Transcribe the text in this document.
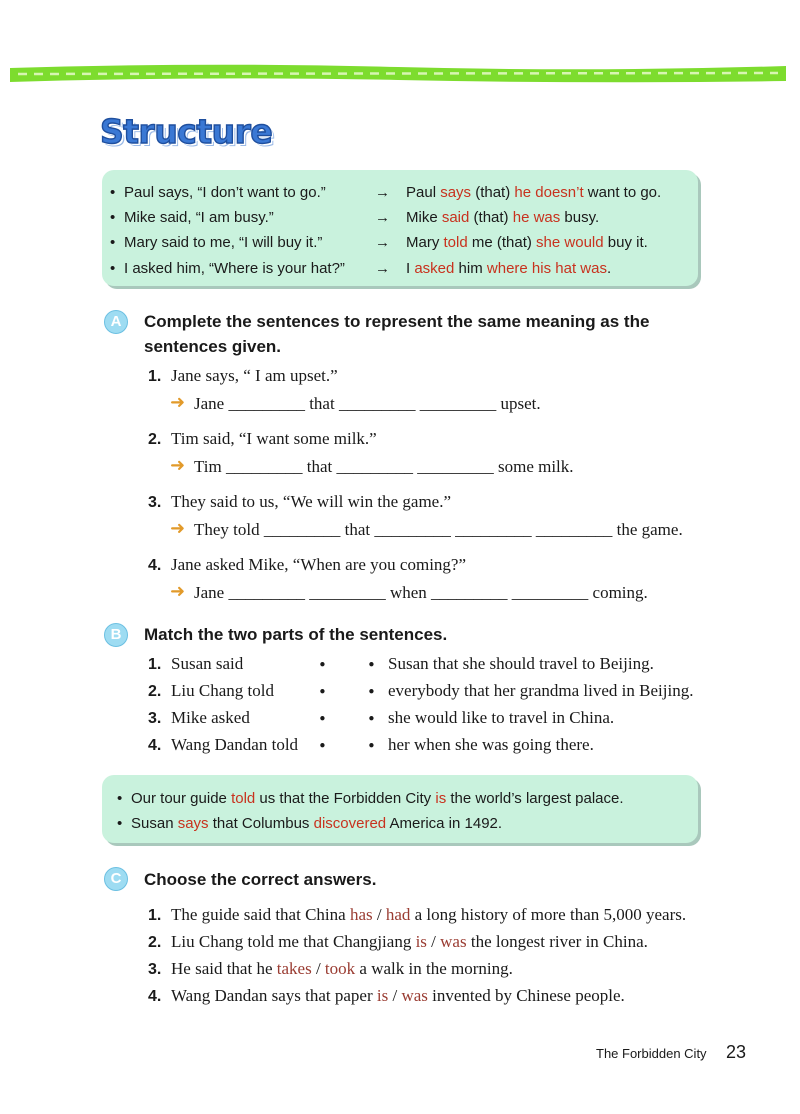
Structure
• Paul says, “I don’t want to go.”	→ Paul says (that) he doesn’t want to go.
• Mike said, “I am busy.”	→ Mike said (that) he was busy.
• Mary said to me, “I will buy it.”	→ Mary told me (that) she would buy it.
• I asked him, “Where is your hat?” → I asked him where his hat was.
A	Complete the sentences to represent the same meaning as the
sentences given.
1. Jane says, “ I am upset.”
➜ Jane _________ that _________ _________ upset.
2. Tim said, “I want some milk.”
➜ Tim _________ that _________ _________ some milk.
3. They said to us, “We will win the game.”
➜ They told _________ that _________ _________ _________ the game.
4. Jane asked Mike, “When are you coming?”
➜ Jane _________ _________ when _________ _________ coming.
B	Match the two parts of the sentences.
1. Susan said	•	• Susan that she should travel to Beijing.
2. Liu Chang told	•	• everybody that her grandma lived in Beijing.
3. Mike asked	•	• she would like to travel in China.
4. Wang Dandan told •	• her when she was going there.
• Our tour guide told us that the Forbidden City is the world’s largest palace.
• Susan says that Columbus discovered America in 1492.
C	Choose the correct answers.
1. The guide said that China has / had a long history of more than 5,000 years.
2. Liu Chang told me that Changjiang is / was the longest river in China.
3. He said that he takes / took a walk in the morning.
4. Wang Dandan says that paper is / was invented by Chinese people.
The Forbidden City 23
